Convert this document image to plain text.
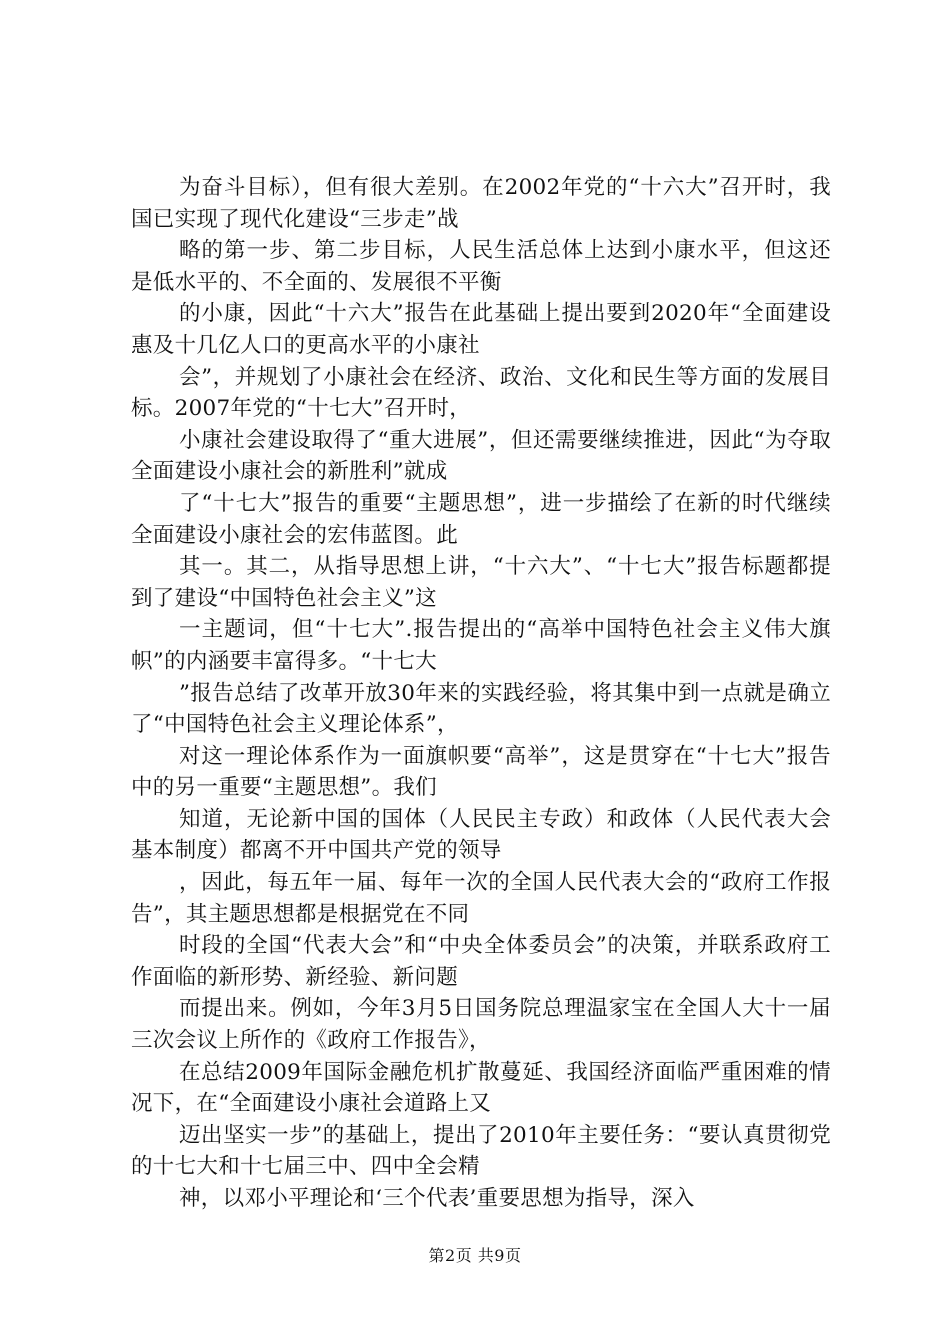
为奋斗目标），但有很大差别。在2002年党的“十六大”召开时，我国已实现了现代化建设“三步走”战

略的第一步、第二步目标，人民生活总体上达到小康水平，但这还是低水平的、不全面的、发展很不平衡

的小康，因此“十六大”报告在此基础上提出要到2020年“全面建设惠及十几亿人口的更高水平的小康社

会”，并规划了小康社会在经济、政治、文化和民生等方面的发展目标。2007年党的“十七大”召开时，

小康社会建设取得了“重大进展”，但还需要继续推进，因此“为夺取全面建设小康社会的新胜利”就成

了“十七大”报告的重要“主题思想”，进一步描绘了在新的时代继续全面建设小康社会的宏伟蓝图。此

其一。其二，从指导思想上讲，“十六大”、“十七大”报告标题都提到了建设“中国特色社会主义”这

一主题词，但“十七大”.报告提出的“高举中国特色社会主义伟大旗帜”的内涵要丰富得多。“十七大

”报告总结了改革开放30年来的实践经验，将其集中到一点就是确立了“中国特色社会主义理论体系”，

对这一理论体系作为一面旗帜要“高举”，这是贯穿在“十七大”报告中的另一重要“主题思想”。我们

知道，无论新中国的国体（人民民主专政）和政体（人民代表大会基本制度）都离不开中国共产党的领导

，因此，每五年一届、每年一次的全国人民代表大会的“政府工作报告”，其主题思想都是根据党在不同

时段的全国“代表大会”和“中央全体委员会”的决策，并联系政府工作面临的新形势、新经验、新问题

而提出来。例如，今年3月5日国务院总理温家宝在全国人大十一届三次会议上所作的《政府工作报告》，

在总结2009年国际金融危机扩散蔓延、我国经济面临严重困难的情况下，在“全面建设小康社会道路上又

迈出坚实一步”的基础上，提出了2010年主要任务：“要认真贯彻党的十七大和十七届三中、四中全会精

神，以邓小平理论和‘三个代表’重要思想为指导，深入

第2页 共9页
